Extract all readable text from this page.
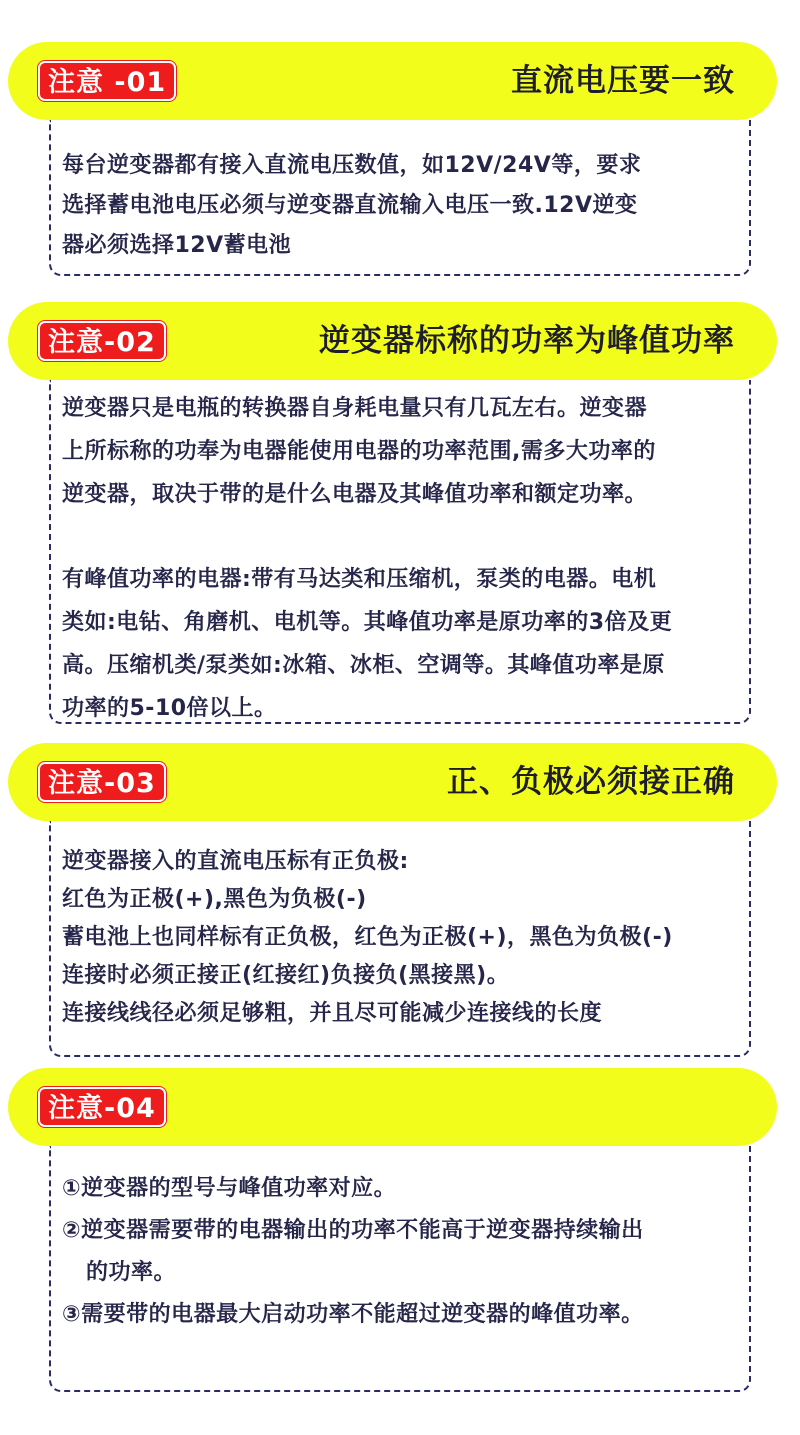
注意 -01	直流电压要一致
每台逆变器都有接入直流电压数值，如12V/24V等，要求
选择蓄电池电压必须与逆变器直流输入电压一致.12V逆变
器必须选择12V蓄电池
注意-02	逆变器标称的功率为峰值功率
逆变器只是电瓶的转换器自身耗电量只有几瓦左右。逆变器
上所标称的功奉为电器能使用电器的功率范围,需多大功率的
逆变器，取决于带的是什么电器及其峰值功率和额定功率。
有峰值功率的电器:带有马达类和压缩机，泵类的电器。电机
类如:电钻、角磨机、电机等。其峰值功率是原功率的3倍及更
高。压缩机类/泵类如:冰箱、冰柜、空调等。其峰值功率是原
功率的5-10倍以上。
注意-03	正、负极必须接正确
逆变器接入的直流电压标有正负极:
红色为正极(+),黑色为负极(-)
蓄电池上也同样标有正负极，红色为正极(+)，黑色为负极(-)
连接时必须正接正(红接红)负接负(黑接黑)。
连接线线径必须足够粗，并且尽可能减少连接线的长度
注意-04
①逆变器的型号与峰值功率对应。
②逆变器需要带的电器输出的功率不能高于逆变器持续输出
的功率。
③需要带的电器最大启动功率不能超过逆变器的峰值功率。
